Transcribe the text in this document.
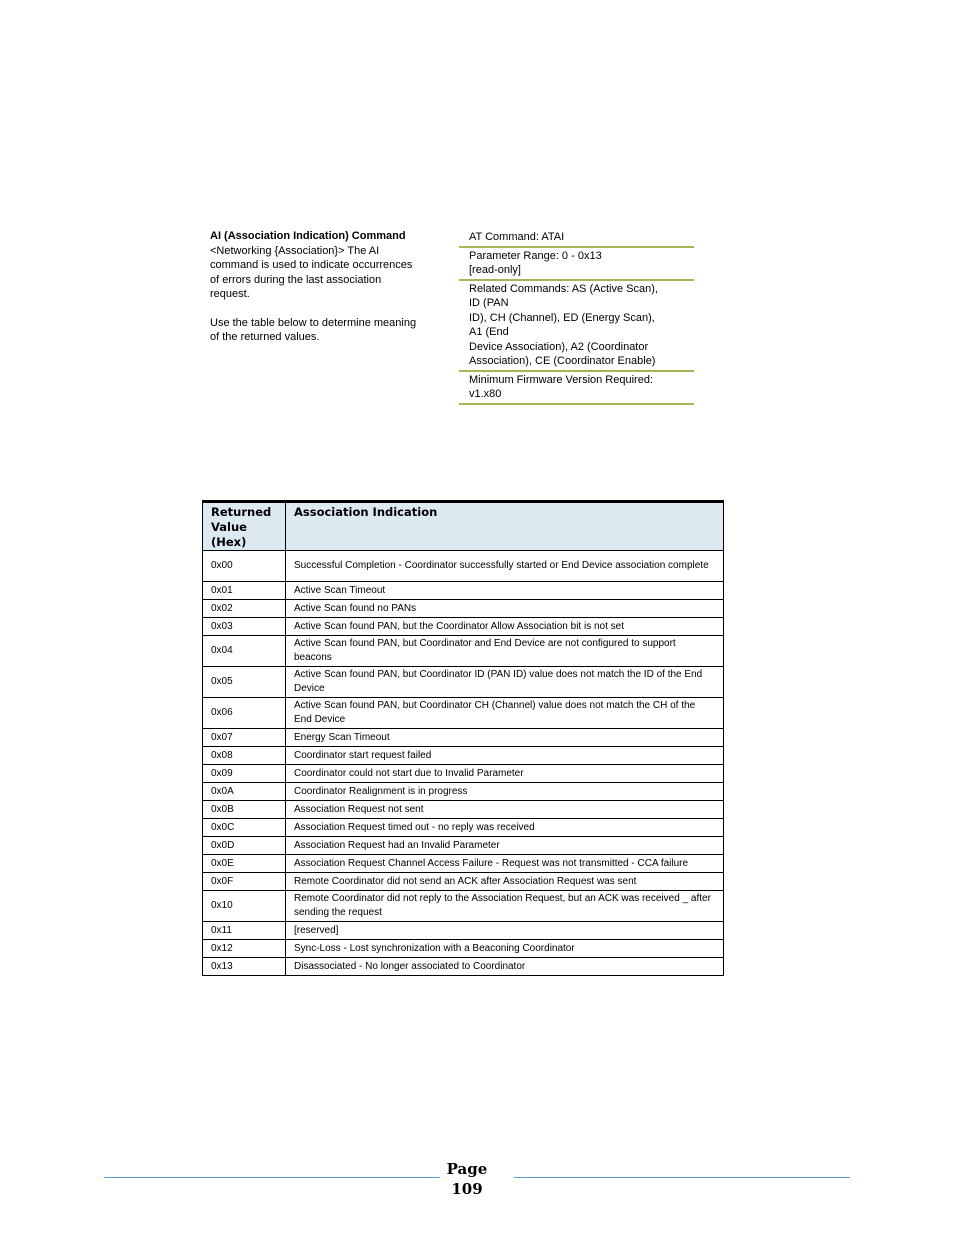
AI (Association Indication) Command

<Networking {Association}> The AI

command is used to indicate occurrences

of errors during the last association

request.

Use the table below to determine meaning

of the returned values.

AT Command: ATAI
Parameter Range: 0 - 0x13
[read-only]
Related Commands: AS (Active Scan),
ID (PAN
ID), CH (Channel), ED (Energy Scan),
A1 (End
Device Association), A2 (Coordinator
Association), CE (Coordinator Enable)
Minimum Firmware Version Required:
v1.x80
Returned Value (Hex)	Association Indication
0x00	Successful Completion - Coordinator successfully started or End Device association complete
0x01	Active Scan Timeout
0x02	Active Scan found no PANs
0x03	Active Scan found PAN, but the Coordinator Allow Association bit is not set
0x04	Active Scan found PAN, but Coordinator and End Device are not configured to support beacons
0x05	Active Scan found PAN, but Coordinator ID (PAN ID) value does not match the ID of the End Device
0x06	Active Scan found PAN, but Coordinator CH (Channel) value does not match the CH of the End Device
0x07	Energy Scan Timeout
0x08	Coordinator start request failed
0x09	Coordinator could not start due to Invalid Parameter
0x0A	Coordinator Realignment is in progress
0x0B	Association Request not sent
0x0C	Association Request timed out - no reply was received
0x0D	Association Request had an Invalid Parameter
0x0E	Association Request Channel Access Failure - Request was not transmitted - CCA failure
0x0F	Remote Coordinator did not send an ACK after Association Request was sent
0x10	Remote Coordinator did not reply to the Association Request, but an ACK was received _ after sending the request
0x11	[reserved]
0x12	Sync-Loss - Lost synchronization with a Beaconing Coordinator
0x13	Disassociated - No longer associated to Coordinator
Page
109
